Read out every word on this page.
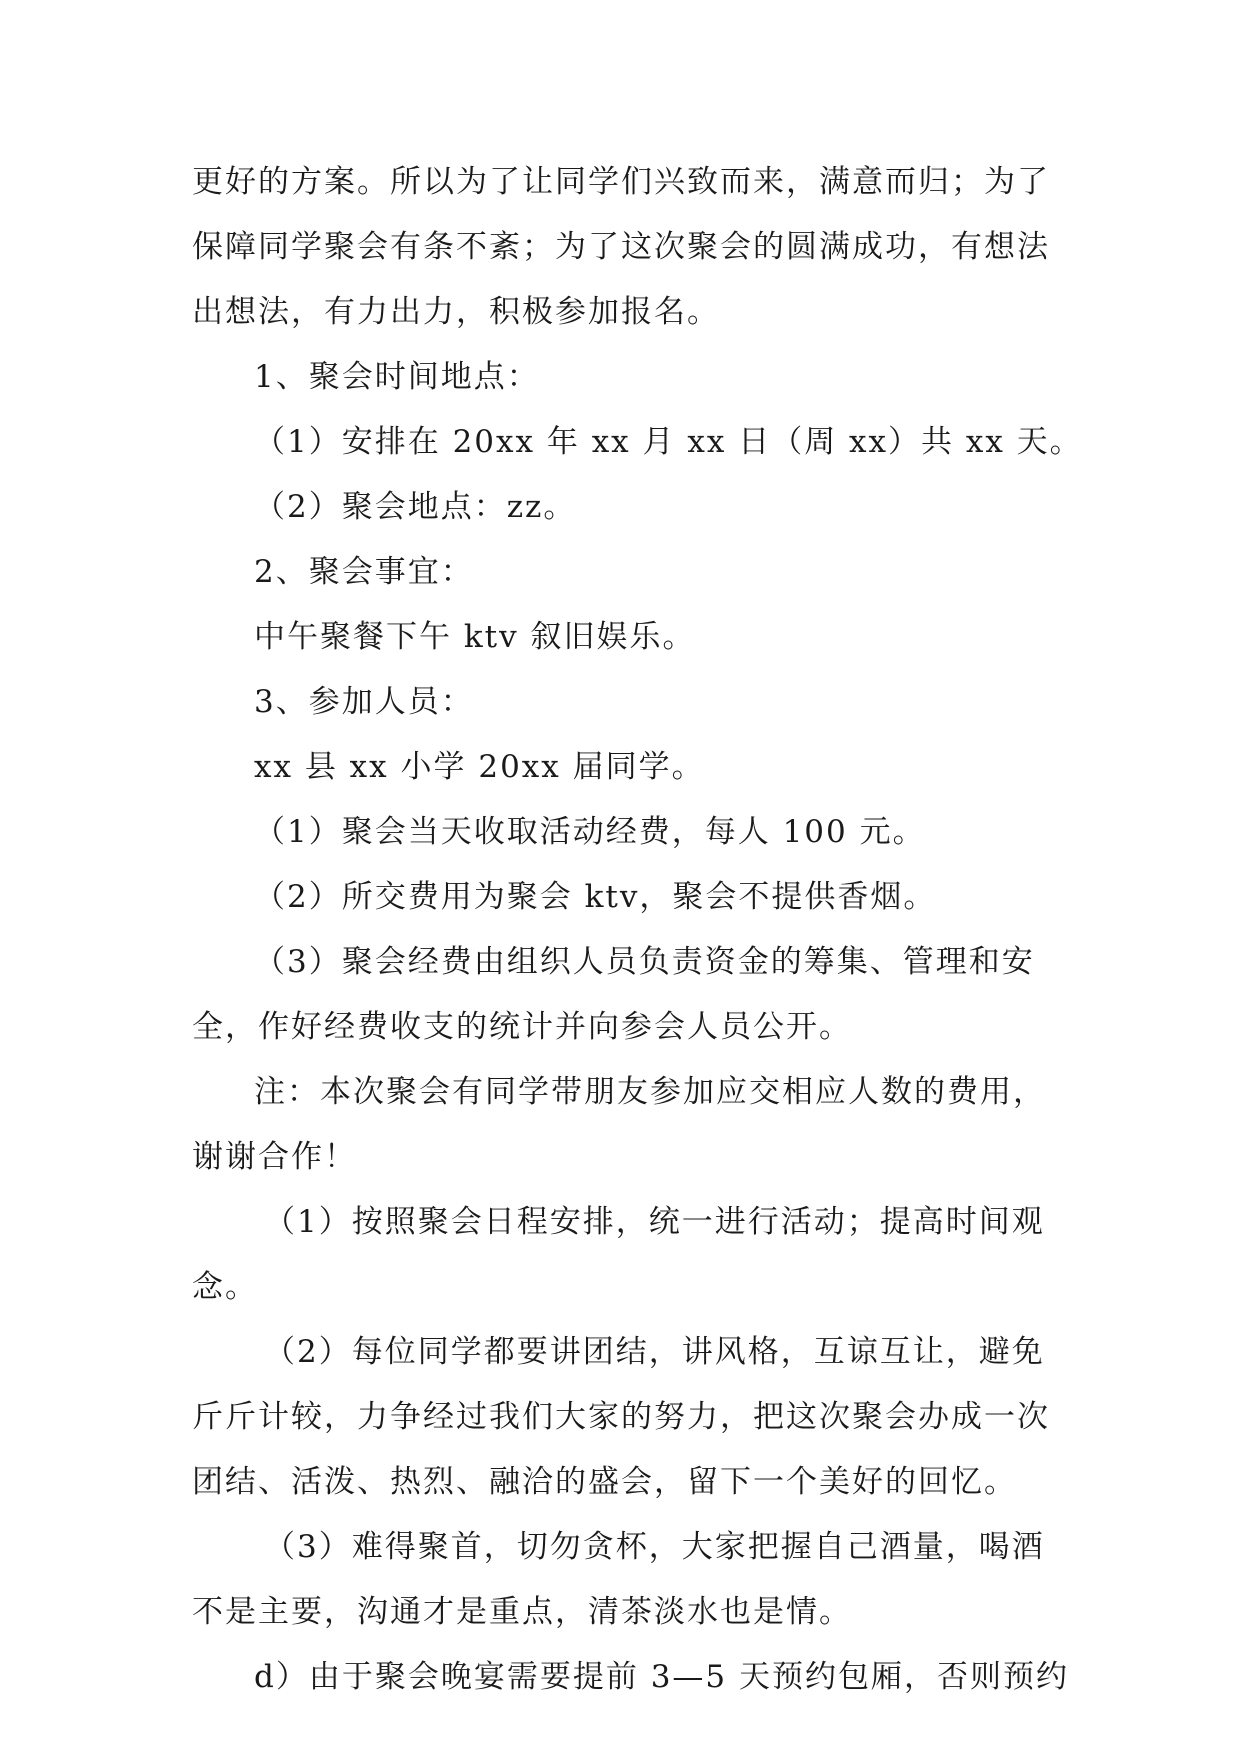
更好的方案。所以为了让同学们兴致而来，满意而归；为了
保障同学聚会有条不紊；为了这次聚会的圆满成功，有想法
出想法，有力出力，积极参加报名。
1、聚会时间地点：
（1）安排在 20xx 年 xx 月 xx 日（周 xx）共 xx 天。
（2）聚会地点：zz。
2、聚会事宜：
中午聚餐下午 ktv 叙旧娱乐。
3、参加人员：
xx 县 xx 小学 20xx 届同学。
（1）聚会当天收取活动经费，每人 100 元。
（2）所交费用为聚会 ktv，聚会不提供香烟。
（3）聚会经费由组织人员负责资金的筹集、管理和安
全，作好经费收支的统计并向参会人员公开。
注：本次聚会有同学带朋友参加应交相应人数的费用，
谢谢合作！
（1）按照聚会日程安排，统一进行活动；提高时间观
念。
（2）每位同学都要讲团结，讲风格，互谅互让，避免
斤斤计较，力争经过我们大家的努力，把这次聚会办成一次
团结、活泼、热烈、融洽的盛会，留下一个美好的回忆。
（3）难得聚首，切勿贪杯，大家把握自己酒量，喝酒
不是主要，沟通才是重点，清茶淡水也是情。
d）由于聚会晚宴需要提前 3—5 天预约包厢，否则预约
